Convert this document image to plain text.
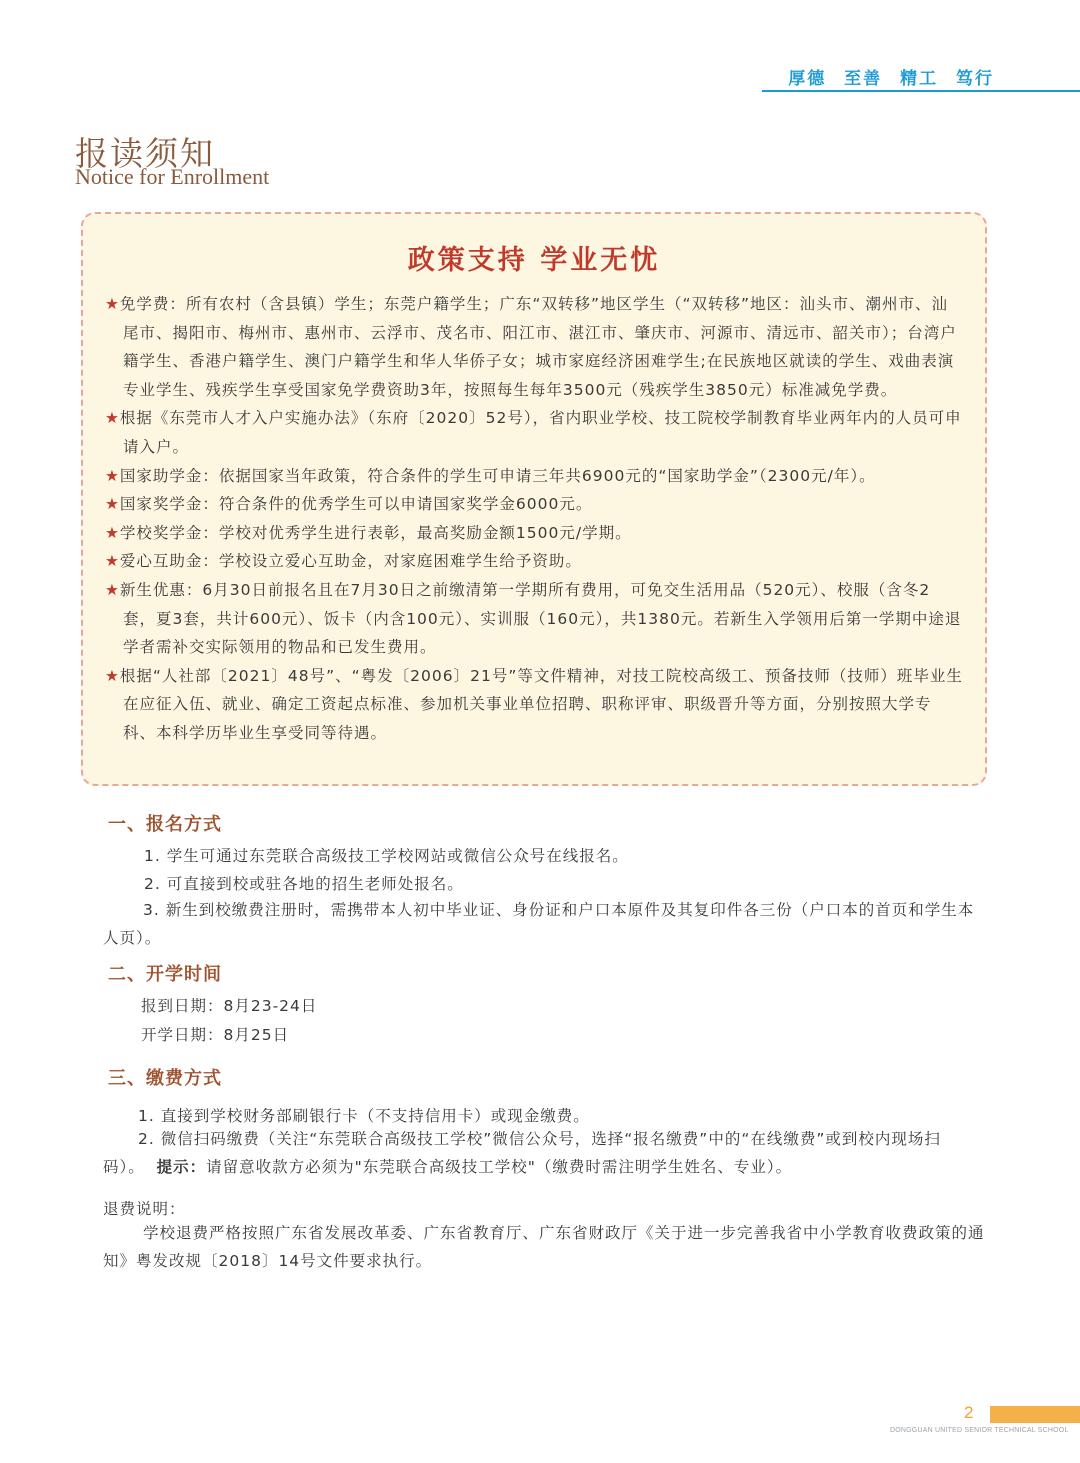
厚德 至善 精工 笃行
报读须知
Notice for Enrollment
政策支持 学业无忧
★免学费：所有农村（含县镇）学生；东莞户籍学生；广东“双转移”地区学生（“双转移”地区：汕头市、潮州市、汕尾市、揭阳市、梅州市、惠州市、云浮市、茂名市、阳江市、湛江市、肇庆市、河源市、清远市、韶关市）；台湾户籍学生、香港户籍学生、澳门户籍学生和华人华侨子女；城市家庭经济困难学生;在民族地区就读的学生、戏曲表演专业学生、残疾学生享受国家免学费资助3年，按照每生每年3500元（残疾学生3850元）标准减免学费。
★根据《东莞市人才入户实施办法》（东府〔2020〕52号），省内职业学校、技工院校学制教育毕业两年内的人员可申请入户。
★国家助学金：依据国家当年政策，符合条件的学生可申请三年共6900元的“国家助学金”（2300元/年）。
★国家奖学金：符合条件的优秀学生可以申请国家奖学金6000元。
★学校奖学金：学校对优秀学生进行表彰，最高奖励金额1500元/学期。
★爱心互助金：学校设立爱心互助金，对家庭困难学生给予资助。
★新生优惠：6月30日前报名且在7月30日之前缴清第一学期所有费用，可免交生活用品（520元）、校服（含冬2套，夏3套，共计600元）、饭卡（内含100元）、实训服（160元），共1380元。若新生入学领用后第一学期中途退学者需补交实际领用的物品和已发生费用。
★根据“人社部〔2021〕48号”、“粤发〔2006〕21号”等文件精神，对技工院校高级工、预备技师（技师）班毕业生在应征入伍、就业、确定工资起点标准、参加机关事业单位招聘、职称评审、职级晋升等方面，分别按照大学专科、本科学历毕业生享受同等待遇。
一、报名方式
1. 学生可通过东莞联合高级技工学校网站或微信公众号在线报名。
2. 可直接到校或驻各地的招生老师处报名。
3. 新生到校缴费注册时，需携带本人初中毕业证、身份证和户口本原件及其复印件各三份（户口本的首页和学生本人页）。
二、开学时间
报到日期：8月23-24日
开学日期：8月25日
三、缴费方式
1. 直接到学校财务部刷银行卡（不支持信用卡）或现金缴费。
2. 微信扫码缴费（关注“东莞联合高级技工学校”微信公众号，选择“报名缴费”中的“在线缴费”或到校内现场扫码）。 提示：请留意收款方必须为"东莞联合高级技工学校"（缴费时需注明学生姓名、专业）。
退费说明：
学校退费严格按照广东省发展改革委、广东省教育厅、广东省财政厅《关于进一步完善我省中小学教育收费政策的通知》粤发改规〔2018〕14号文件要求执行。
2
DONGGUAN UNITED SENIOR TECHNICAL SCHOOL
